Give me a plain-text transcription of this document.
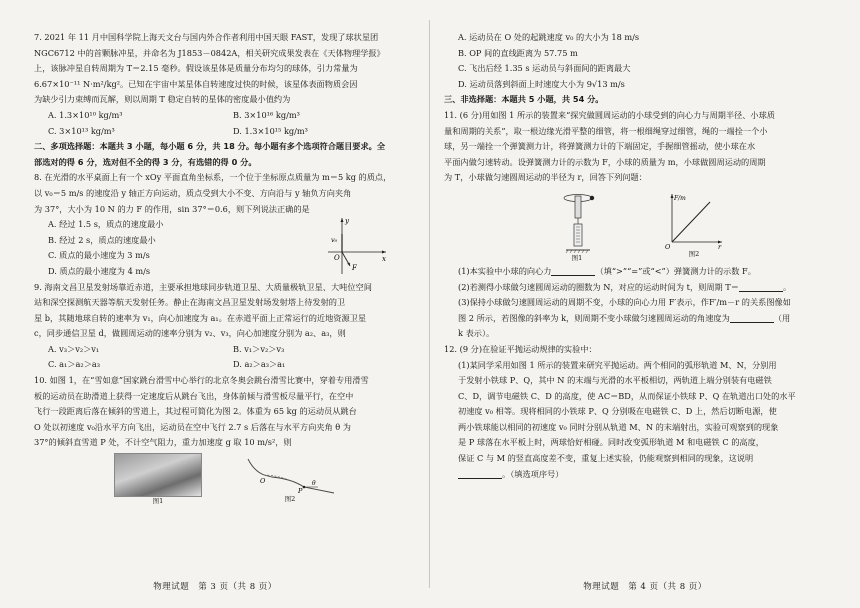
7. 2021 年 11 月中国科学院上海天文台与国内外合作者利用中国天眼 FAST，发现了球状星团

NGC6712 中的首颗脉冲星，并命名为 J1853－0842A，相关研究成果发表在《天体物理学报》

上，该脉冲星自转周期为 T＝2.15 毫秒。假设该星体是质量分布均匀的球体，引力常量为

6.67×10⁻¹¹ N·m²/kg²。已知在宇宙中某星体自转速度过快的时候，该星体表面物质会因

为缺少引力束缚而瓦解，则以周期 T 稳定自转的星体的密度最小值约为

A. 1.3×10¹⁰ kg/m³	B. 3×10¹⁶ kg/m³
C. 3×10¹³ kg/m³	D. 1.3×10¹⁵ kg/m³

二、多项选择题：本题共 3 小题，每小题 6 分，共 18 分。每小题有多个选项符合题目要求。全

部选对的得 6 分，选对但不全的得 3 分，有选错的得 0 分。

8. 在光滑的水平桌面上有一个 xOy 平面直角坐标系，一个位于坐标原点质量为 m＝5 kg 的质点，

以 v₀＝5 m/s 的速度沿 y 轴正方向运动，质点受到大小不变、方向沿与 y 轴负方向夹角

为 37°，大小为 10 N 的力 F 的作用，sin 37°＝0.6，则下列说法正确的是

A. 经过 1.5 s，质点的速度最小

B. 经过 2 s，质点的速度最小

C. 质点的最小速度为 3 m/s

D. 质点的最小速度为 4 m/s

y
x
O
v₀
F

9. 海南文昌卫星发射场靠近赤道，主要承担地球同步轨道卫星、大质量极轨卫星、大吨位空间

站和深空探测航天器等航天发射任务。静止在海南文昌卫星发射场发射塔上待发射的卫

星 b，其随地球自转的速率为 v₁，向心加速度为 a₁。在赤道平面上正常运行的近地资源卫星

c，同步通信卫星 d，做圆周运动的速率分别为 v₂、v₃，向心加速度分别为 a₂、a₃，则

A. v₃＞v₂＞v₁	B. v₁＞v₂＞v₃
C. a₁＞a₂＞a₃	D. a₂＞a₃＞a₁

10. 如图 1，在“雪如意”国家跳台滑雪中心举行的北京冬奥会跳台滑雪比赛中，穿着专用滑雪

板的运动员在助滑道上获得一定速度后从跳台飞出，身体前倾与滑雪板尽量平行，在空中

飞行一段距离后落在倾斜的雪道上，其过程可简化为图 2。体重为 65 kg 的运动员从跳台

O 处以初速度 v₀沿水平方向飞出，运动员在空中飞行 2.7 s 后落在与水平方向夹角 θ 为

37°的倾斜直雪道 P 处，不计空气阻力，重力加速度 g 取 10 m/s²，则

图1
O
P
θ
图2
物理试题　第 3 页（共 8 页）

A. 运动员在 O 处的起跳速度 v₀ 的大小为 18 m/s

B. OP 间的直线距离为 57.75 m

C. 飞出后经 1.35 s 运动员与斜面间的距离最大

D. 运动员落到斜面上时速度大小为 9√13 m/s

三、非选择题：本题共 5 小题，共 54 分。

11. (6 分)用如图 1 所示的装置来“探究做圆周运动的小球受到的向心力与周期半径、小球质

量和周期的关系”，取一根边缘光滑平整的细管，将一根细绳穿过细管，绳的一端拴一个小

球，另一端拴一个弹簧测力计，将弹簧测力计的下端固定，手握细管摇动，使小球在水

平面内做匀速转动。设弹簧测力计的示数为 F，小球的质量为 m，小球做圆周运动的周期

为 T，小球做匀速圆周运动的半径为 r，回答下列问题：

图1
F/m
r
O
图2

(1)本实验中小球的向心力	（填“>”“=”或“<”）弹簧测力计的示数 F。

(2)若测得小球做匀速圆周运动的圈数为 N，对应的运动时间为 t，则周期 T＝	。

(3)保持小球做匀速圆周运动的周期不变，小球的向心力用 F′表示，作F′/m－r 的关系图像如

图 2 所示，若图像的斜率为 k，则周期不变小球做匀速圆周运动的角速度为	（用

k 表示）。

12. (9 分)在验证平抛运动规律的实验中：

(1)某同学采用如图 1 所示的装置来研究平抛运动。两个相同的弧形轨道 M、N，分别用

于发射小铁球 P、Q，其中 N 的末端与光滑的水平板相切，两轨道上端分别装有电磁铁

C、D，调节电磁铁 C、D 的高度，使 AC＝BD，从而保证小铁球 P、Q 在轨道出口处的水平

初速度 v₀ 相等。现将相同的小铁球 P、Q 分别吸在电磁铁 C、D 上，然后切断电源，使

两小铁球能以相同的初速度 v₀ 同时分别从轨道 M、N 的末端射出，实验可观察到的现象

是 P 球落在水平板上时，两球恰好相碰。同时改变弧形轨道 M 和电磁铁 C 的高度，

保证 C 与 M 的竖直高度差不变，重复上述实验，仍能观察到相同的现象，这说明

。（填选项序号）

物理试题　第 4 页（共 8 页）
